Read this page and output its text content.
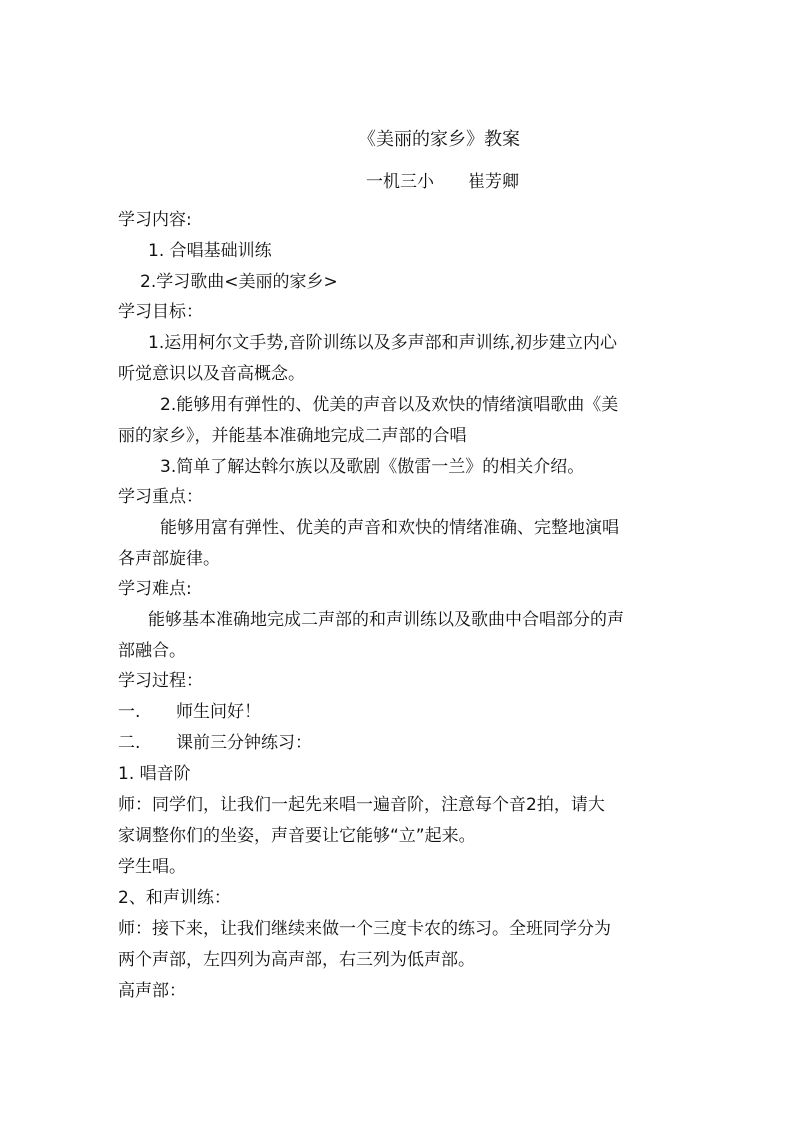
《美丽的家乡》教案
一机三小　　崔芳卿
学习内容:
1. 合唱基础训练
2.学习歌曲<美丽的家乡>
学习目标：
1.运用柯尔文手势,音阶训练以及多声部和声训练,初步建立内心
听觉意识以及音高概念。
2.能够用有弹性的、优美的声音以及欢快的情绪演唱歌曲《美
丽的家乡》，并能基本准确地完成二声部的合唱
3.简单了解达斡尔族以及歌剧《傲雷一兰》的相关介绍。
学习重点：
能够用富有弹性、优美的声音和欢快的情绪准确、完整地演唱
各声部旋律。
学习难点:
能够基本准确地完成二声部的和声训练以及歌曲中合唱部分的声
部融合。
学习过程：
一. 师生问好！
二. 课前三分钟练习：
1. 唱音阶
师：同学们，让我们一起先来唱一遍音阶，注意每个音2拍，请大
家调整你们的坐姿，声音要让它能够“立”起来。
学生唱。
2、和声训练：
师：接下来，让我们继续来做一个三度卡农的练习。全班同学分为
两个声部，左四列为高声部，右三列为低声部。
高声部：
